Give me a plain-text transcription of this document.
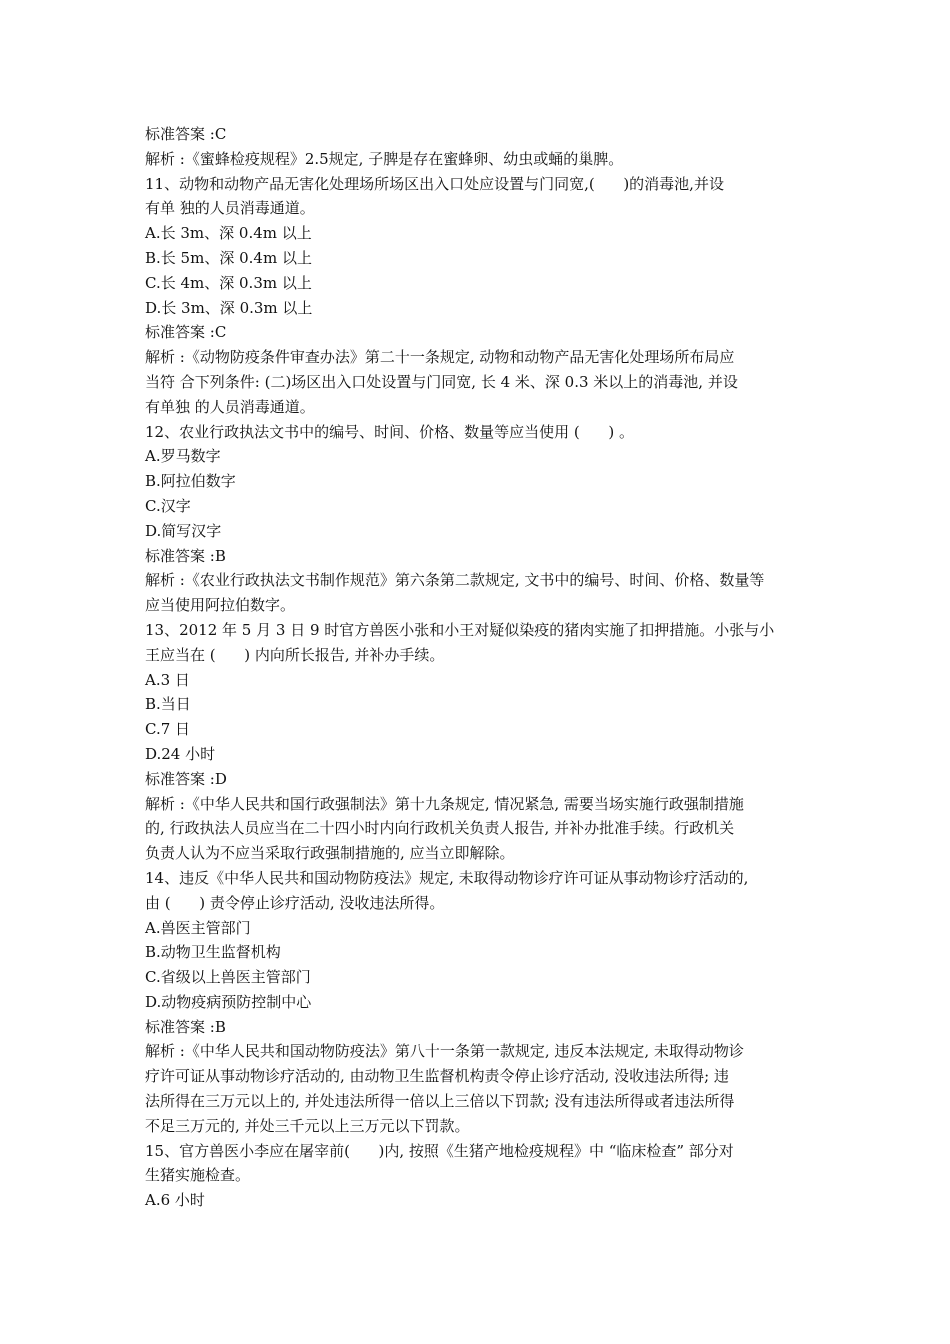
标准答案 :C
解析 :《蜜蜂检疫规程》2.5规定, 子脾是存在蜜蜂卵、幼虫或蛹的巢脾。
11、动物和动物产品无害化处理场所场区出入口处应设置与门同宽,(      )的消毒池,并设
有单 独的人员消毒通道。
A.长 3m、深 0.4m 以上
B.长 5m、深 0.4m 以上
C.长 4m、深 0.3m 以上
D.长 3m、深 0.3m 以上
标准答案 :C
解析 :《动物防疫条件审查办法》第二十一条规定, 动物和动物产品无害化处理场所布局应
当符 合下列条件: (二)场区出入口处设置与门同宽, 长 4 米、深 0.3 米以上的消毒池, 并设
有单独 的人员消毒通道。
12、农业行政执法文书中的编号、时间、价格、数量等应当使用 (      ) 。
A.罗马数字
B.阿拉伯数字
C.汉字
D.简写汉字
标准答案 :B
解析 :《农业行政执法文书制作规范》第六条第二款规定, 文书中的编号、时间、价格、数量等
应当使用阿拉伯数字。
13、2012 年 5 月 3 日 9 时官方兽医小张和小王对疑似染疫的猪肉实施了扣押措施。小张与小
王应当在 (      ) 内向所长报告, 并补办手续。
A.3 日
B.当日
C.7 日
D.24 小时
标准答案 :D
解析 :《中华人民共和国行政强制法》第十九条规定, 情况紧急, 需要当场实施行政强制措施
的, 行政执法人员应当在二十四小时内向行政机关负责人报告, 并补办批准手续。行政机关
负责人认为不应当采取行政强制措施的, 应当立即解除。
14、违反《中华人民共和国动物防疫法》规定, 未取得动物诊疗许可证从事动物诊疗活动的,
由 (      ) 责令停止诊疗活动, 没收违法所得。
A.兽医主管部门
B.动物卫生监督机构
C.省级以上兽医主管部门
D.动物疫病预防控制中心
标准答案 :B
解析 :《中华人民共和国动物防疫法》第八十一条第一款规定, 违反本法规定, 未取得动物诊
疗许可证从事动物诊疗活动的, 由动物卫生监督机构责令停止诊疗活动, 没收违法所得; 违
法所得在三万元以上的, 并处违法所得一倍以上三倍以下罚款; 没有违法所得或者违法所得
不足三万元的, 并处三千元以上三万元以下罚款。
15、官方兽医小李应在屠宰前(      )内, 按照《生猪产地检疫规程》中 “临床检查” 部分对
生猪实施检查。
A.6 小时
